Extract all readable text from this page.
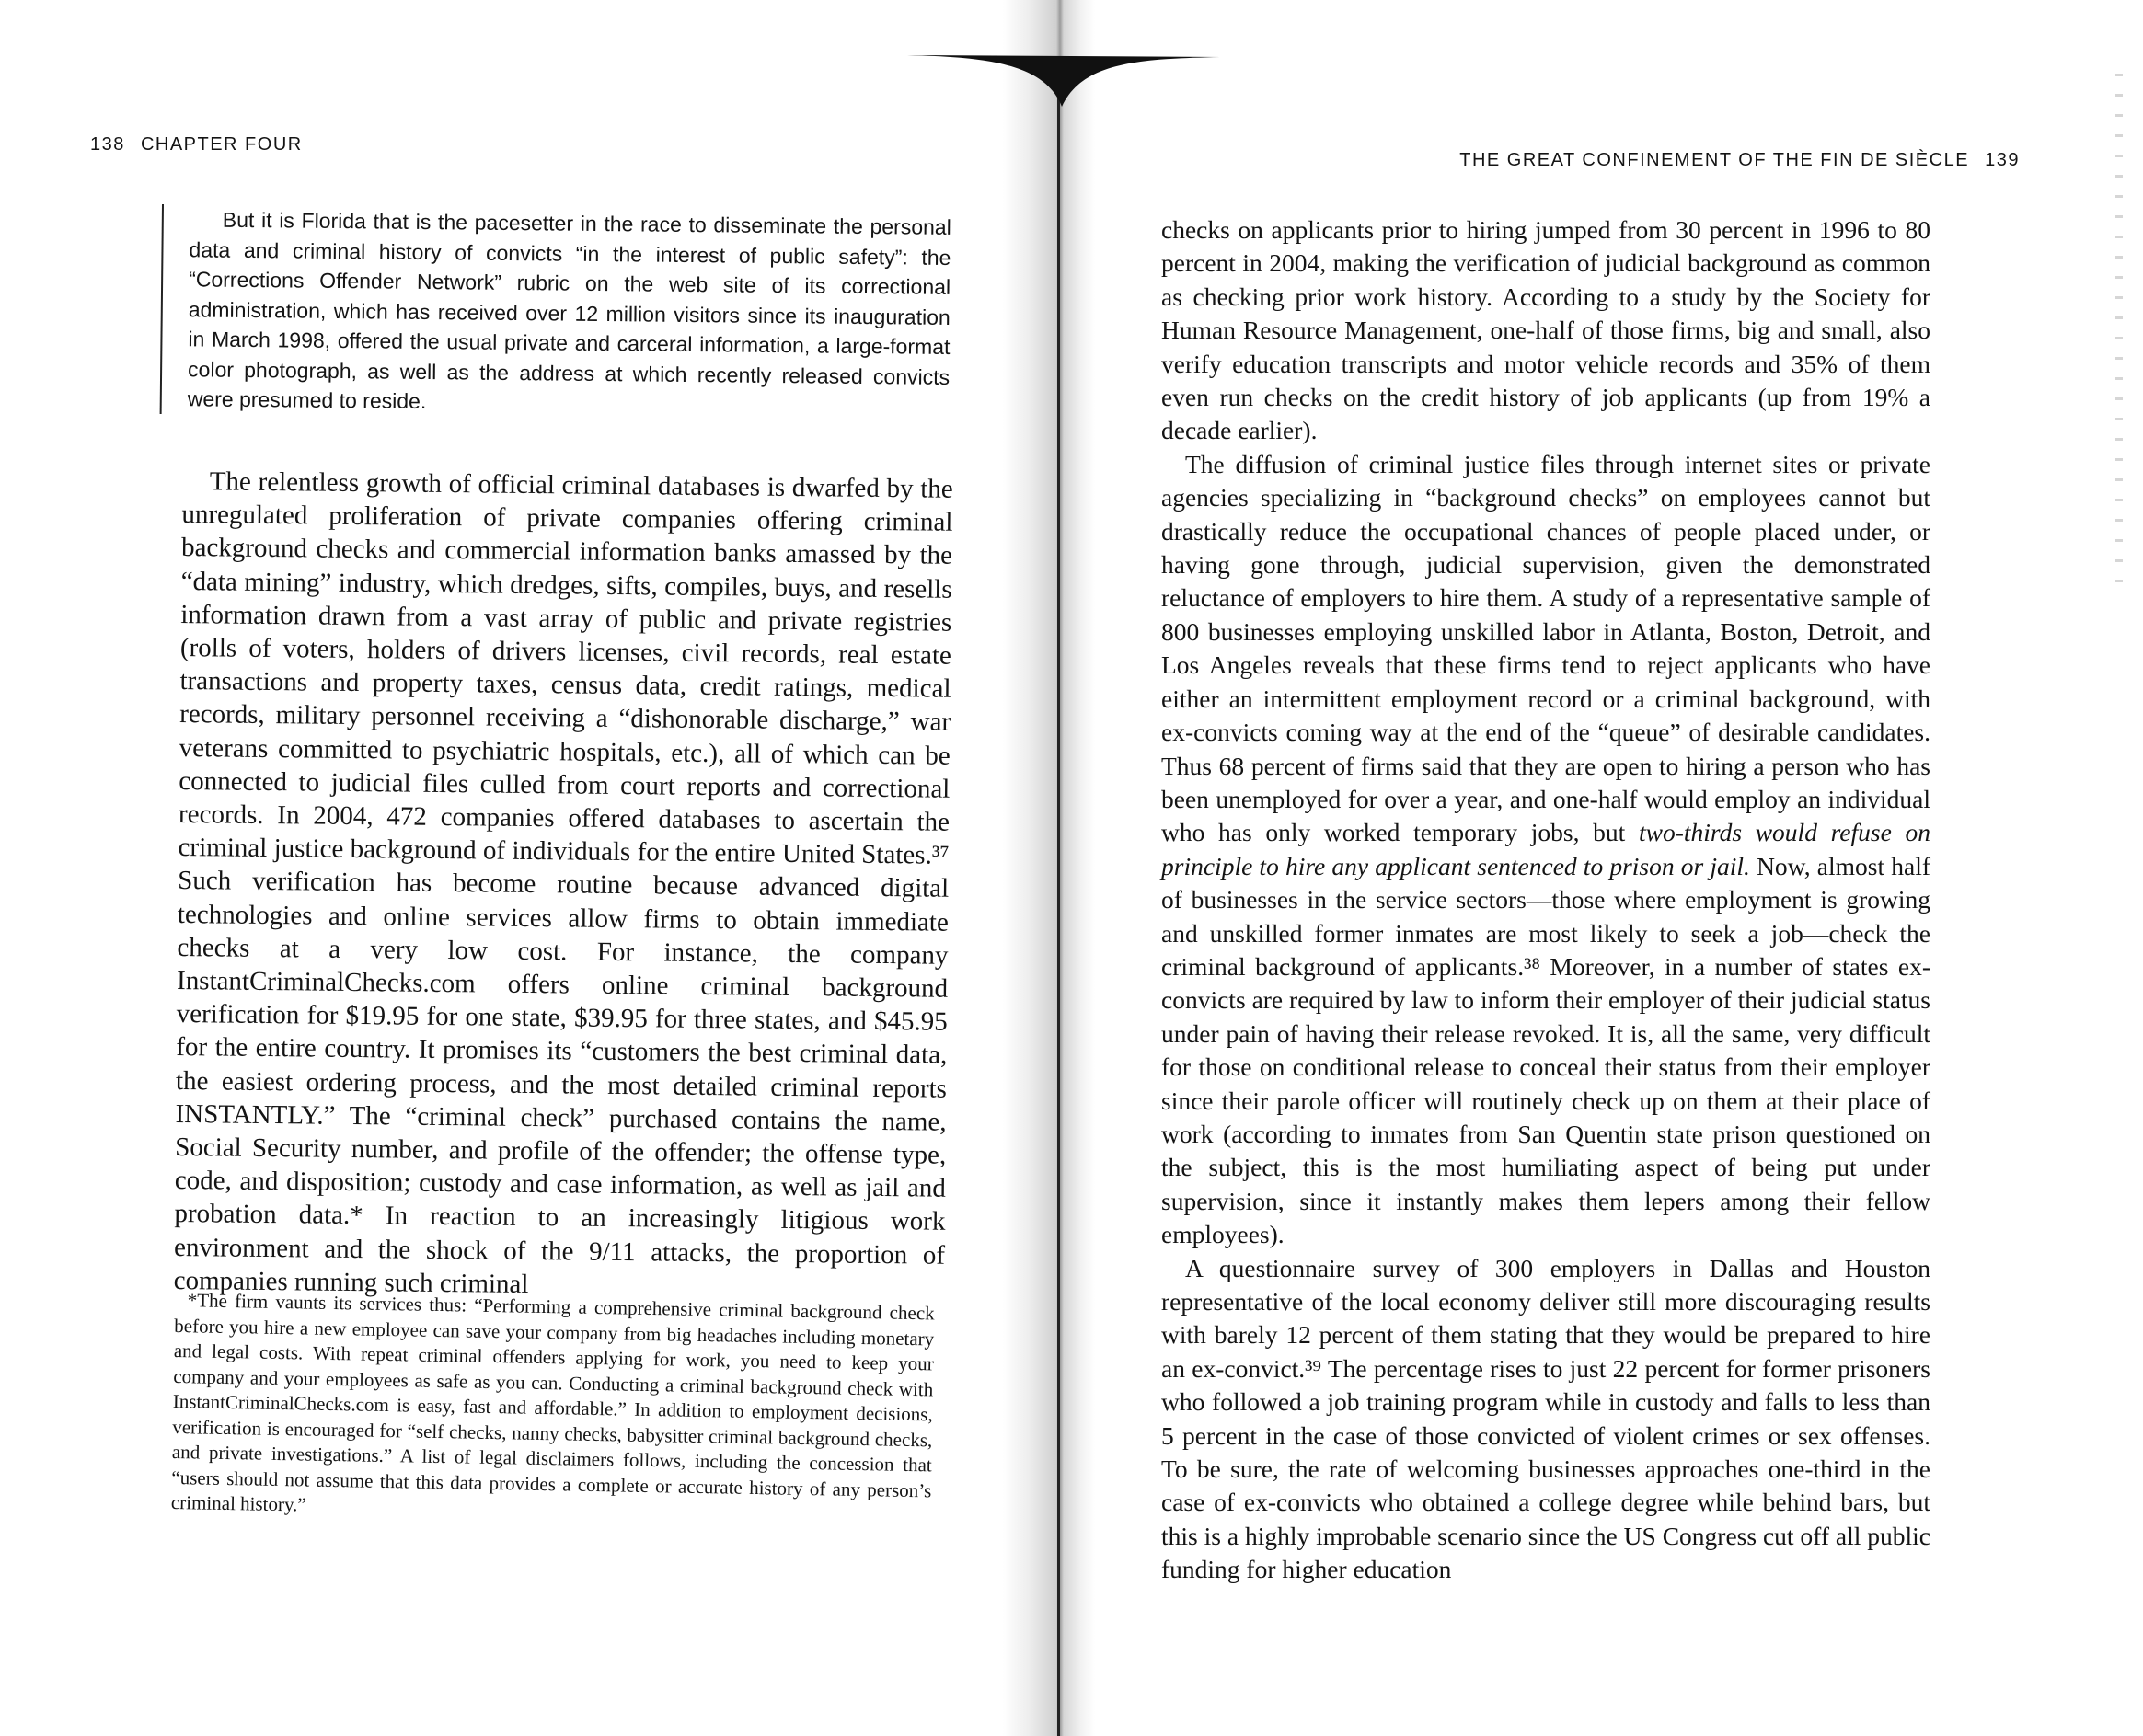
138 CHAPTER FOUR
But it is Florida that is the pacesetter in the race to disseminate the personal data and criminal history of convicts “in the interest of public safety”: the “Corrections Offender Network” rubric on the web site of its correctional administration, which has received over 12 million visitors since its inauguration in March 1998, offered the usual private and carceral information, a large-format color photograph, as well as the address at which recently released convicts were presumed to reside.
The relentless growth of official criminal databases is dwarfed by the unregulated proliferation of private companies offering criminal background checks and commercial information banks amassed by the “data mining” industry, which dredges, sifts, compiles, buys, and resells information drawn from a vast array of public and private registries (rolls of voters, holders of drivers licenses, civil records, real estate transactions and property taxes, census data, credit ratings, medical records, military personnel receiving a “dishonorable discharge,” war veterans committed to psychiatric hospitals, etc.), all of which can be connected to judicial files culled from court reports and correctional records. In 2004, 472 companies offered databases to ascertain the criminal justice background of individuals for the entire United States.³⁷ Such verification has become routine because advanced digital technologies and online services allow firms to obtain immediate checks at a very low cost. For instance, the company InstantCriminalChecks.com offers online criminal background verification for $19.95 for one state, $39.95 for three states, and $45.95 for the entire country. It promises its “customers the best criminal data, the easiest ordering process, and the most detailed criminal reports INSTANTLY.” The “criminal check” purchased contains the name, Social Security number, and profile of the offender; the offense type, code, and disposition; custody and case information, as well as jail and probation data.* In reaction to an increasingly litigious work environment and the shock of the 9/11 attacks, the proportion of companies running such criminal
*The firm vaunts its services thus: “Performing a comprehensive criminal background check before you hire a new employee can save your company from big headaches including monetary and legal costs. With repeat criminal offenders applying for work, you need to keep your company and your employees as safe as you can. Conducting a criminal background check with InstantCriminalChecks.com is easy, fast and affordable.” In addition to employment decisions, verification is encouraged for “self checks, nanny checks, babysitter criminal background checks, and private investigations.” A list of legal disclaimers follows, including the concession that “users should not assume that this data provides a complete or accurate history of any person’s criminal history.”
THE GREAT CONFINEMENT OF THE FIN DE SIÈCLE 139

checks on applicants prior to hiring jumped from 30 percent in 1996 to 80 percent in 2004, making the verification of judicial background as common as checking prior work history. According to a study by the Society for Human Resource Management, one-half of those firms, big and small, also verify education transcripts and motor vehicle records and 35% of them even run checks on the credit history of job applicants (up from 19% a decade earlier).

The diffusion of criminal justice files through internet sites or private agencies specializing in “background checks” on employees cannot but drastically reduce the occupational chances of people placed under, or having gone through, judicial supervision, given the demonstrated reluctance of employers to hire them. A study of a representative sample of 800 businesses employing unskilled labor in Atlanta, Boston, Detroit, and Los Angeles reveals that these firms tend to reject applicants who have either an intermittent employment record or a criminal background, with ex-convicts coming way at the end of the “queue” of desirable candidates. Thus 68 percent of firms said that they are open to hiring a person who has been unemployed for over a year, and one-half would employ an individual who has only worked temporary jobs, but two-thirds would refuse on principle to hire any applicant sentenced to prison or jail. Now, almost half of businesses in the service sectors—those where employment is growing and unskilled former inmates are most likely to seek a job—check the criminal background of applicants.³⁸ Moreover, in a number of states ex-convicts are required by law to inform their employer of their judicial status under pain of having their release revoked. It is, all the same, very difficult for those on conditional release to conceal their status from their employer since their parole officer will routinely check up on them at their place of work (according to inmates from San Quentin state prison questioned on the subject, this is the most humiliating aspect of being put under supervision, since it instantly makes them lepers among their fellow employees).

A questionnaire survey of 300 employers in Dallas and Houston representative of the local economy deliver still more discouraging results with barely 12 percent of them stating that they would be prepared to hire an ex-convict.³⁹ The percentage rises to just 22 percent for former prisoners who followed a job training program while in custody and falls to less than 5 percent in the case of those convicted of violent crimes or sex offenses. To be sure, the rate of welcoming businesses approaches one-third in the case of ex-convicts who obtained a college degree while behind bars, but this is a highly improbable scenario since the US Congress cut off all public funding for higher education
